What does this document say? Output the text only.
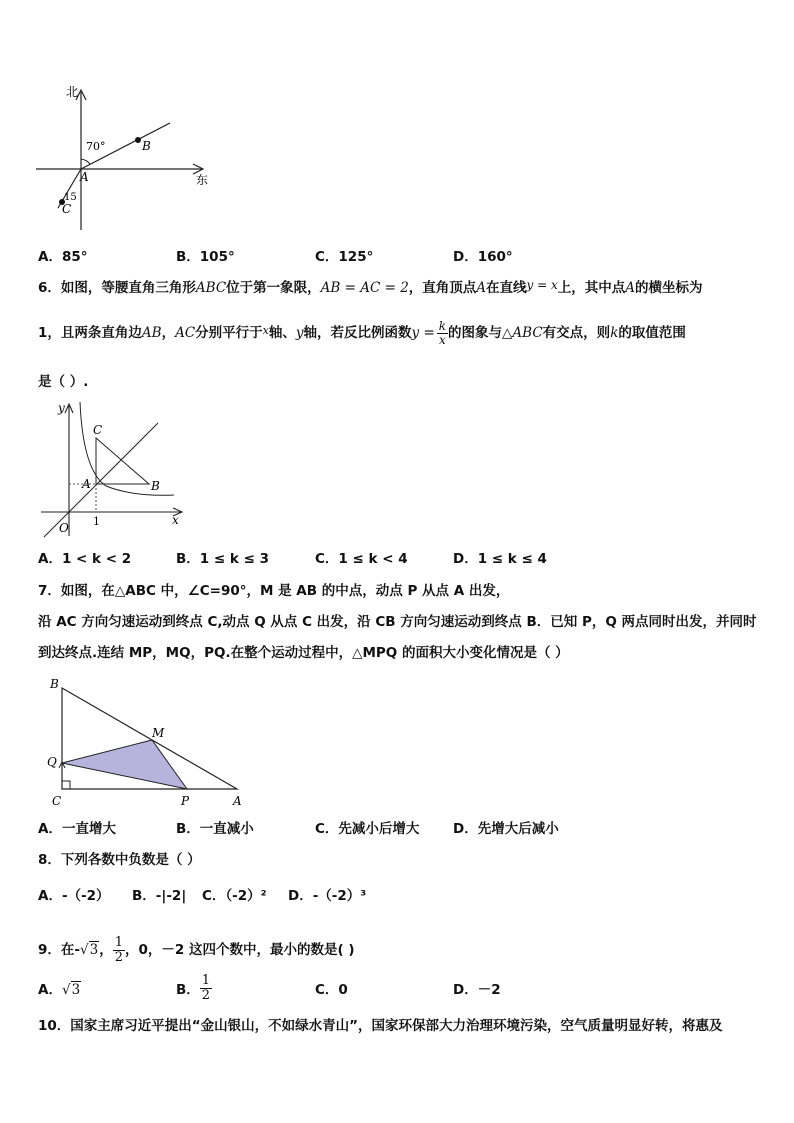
北
东
70°
15
A
B
C
A．85°	B．105°	C．125°	D．160°
6．如图，等腰直角三角形ABC位于第一象限，AB = AC = 2，直角顶点A在直线y = x上，其中点A的横坐标为
1，且两条直角边AB，AC分别平行于$^x$轴、y轴，若反比例函数$y = \frac{k}{x}$ 的图象与△ABC有交点，则k的取值范围
是（ ）.
y
x
C
A	B
O 1
A．1 < k < 2	B．1 ≤ k ≤ 3	C．1 ≤ k < 4	D．1 ≤ k ≤ 4
7．如图，在△ABC 中，∠C=90°，M 是 AB 的中点，动点 P 从点 A 出发，
沿 AC 方向匀速运动到终点 C,动点 Q 从点 C 出发，沿 CB 方向匀速运动到终点 B．已知 P，Q 两点同时出发，并同时
到达终点.连结 MP，MQ，PQ.在整个运动过程中，△MPQ 的面积大小变化情况是（ ）
B
M
Q
C	P	A
A．一直增大	B．一直减小	C．先减小后增大 D．先增大后减小
8．下列各数中负数是（ ）
A．-（-2） B．-|-2| C．（-2）² D．-（-2）³
9．在-√3， $\frac{1}{2}$ ，0，－2 这四个数中，最小的数是( )
A．√3	B． $\frac{1}{2}$	C．0	D．－2
10．国家主席习近平提出“金山银山，不如绿水青山”，国家环保部大力治理环境污染，空气质量明显好转，将惠及
